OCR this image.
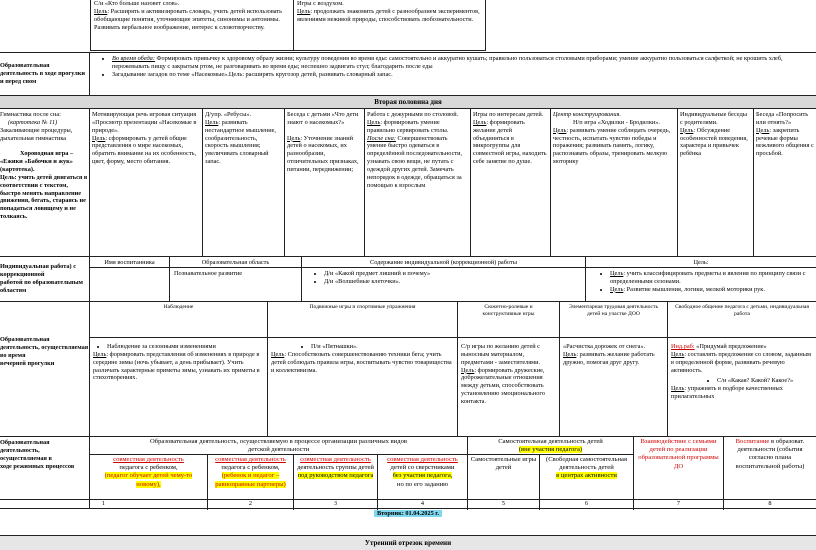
С/и «Кто больше назовет слов».
Цель: Расширять и активизировать словарь, учить детей использовать обобщающие понятия, уточняющие эпитеты, синонимы и антонимы. Развивать вербальное воображение, интерес к словотворчеству.
Игры с воздухом.
Цель: продолжать знакомить детей с разнообразием экспериментов, явлениями неживой природы, способствовать любознательности.
Образовательная деятельность в ходе прогулки и перед сном
• Во время обеда: Формировать привычку к здоровому образу жизни; культуру поведения во время еды: самостоятельно и аккуратно кушать; правильно пользоваться столовыми приборами; умение аккуратно пользоваться салфеткой; не крошить хлеб, пережевывать пищу с закрытым ртом, не разговаривать во время еды; неспешно задвигать стул; благодарить после еды
• Загадывание загадок по теме «Насекомые».Цель: расширять кругозор детей, развивать словарный запас.
Вторая половина дня
Гимнастика после сна:
(картотека № 11)
Закаливающие процедуры,
дыхательная гимнастика

Хороводная игра –
«Ежики «Бабочки и жук»
(картотека).
Цель: учить детей двигаться в соответствии с текстом, быстро менять направление движения, бегать, стараясь не попадаться ловящему и не толкаясь.
Мотивирующая речь игровая ситуация «Просмотр презентации «Насекомые в природе».
Цель: сформировать у детей общие представления о мире насекомых, обратить внимание на их особенность, цвет, форму, место обитания.
Д/упр. «Ребусы».
Цель: развивать нестандартное мышление, сообразительность, скорость мышления; увеличивать словарный запас.
Беседа с детьми «Что дети знают о насекомых?»

Цель: Уточнение знаний детей о насекомых, их разнообразии, отличительных признаках, питании, передвижении;
Работа с дежурными по столовой.
Цель: формировать умение правильно сервировать столы.
После сна: Совершенствовать умение быстро одеваться в определённой последовательности, узнавать свою вещи, не путать с одеждой других детей. Замечать непорядок в одежде, обращаться за помощью к взрослым
Игры по интересам детей.
Цель: формировать желание детей объединяться в микрогруппы для совместной игры, находить себе занятие по душе.
Центр конструирования.
Н/п игра «Ходилки - Бродилки».
Цель: развивать умение соблюдать очередь, честность, испытать чувство победы и поражения; развивать память, логику, распознавать образы, тренировать мелкую моторику
Индивидуальные беседы с родителями.
Цель: Обсуждение особенностей поведения, характера и привычек ребёнка
Беседа «Попросить или отнять?»
Цель: закрепить речевые формы вежливого общения с просьбой.
Индивидуальная работа) с коррекционной
работой по образовательным
областям
Имя воспитанника	Образовательная область	Содержание индивидуальной (коррекционной) работы	Цель:
Познавательное развитие
•	Д/и «Какой предмет лишний и почему»
• Д/и «Волшебные клеточки».
• Цель: учить классифицировать предметы и явления по принципу связи с определенными сезонами.
• Цель: Развитие мышления, логики, мелкой моторики рук.
Образовательная деятельность, осуществляемая во время
вечерней прогулки
Наблюдение	Подвижные игры и спортивные упражнения	Сюжетно-ролевые и конструктивные игры
Элементарная трудовая деятельность детей на участке ДОО
Свободное общение педагога с детьми, индивидуальная работа
• Наблюдение за сезонными изменениями
Цель: формировать представления об изменениях в природе в середине зимы (ночь убывает, а день прибывает). Учить различать характерные приметы зимы, узнавать их приметы в стихотворениях.
• П/и «Пятнашки».
Цель: Способствовать совершенствованию техники бега; учить детей соблюдать правила игры, воспитывать чувство товарищества и коллективизма.
С/р игры по желанию детей с выносным материалом, предметами - заместителями.
Цель: формировать дружеские, доброжелательные отношения между детьми, способствовать установлению эмоционального контакта.
«Расчистка дорожек от снега».
Цель: развивать желание работать дружно, помогая друг другу.
Инд.раб: «Придумай предложение»
Цель: составлять предложение со словом, заданным в определенной форме, развивать речевую активность.

• С/и «Какая? Какой? Какое?»
Цель: упражнять в подборе качественных прилагательных
Образовательная деятельность,
осуществляемая в
ходе режимных процессов
Образовательная деятельность, осуществляемую в процессе организации различных видов детской деятельности
Самостоятельная деятельность детей
(вне участия педагога)
Взаимодействие с семьями детей по реализации образовательной программы ДО
Воспитание в образоват. деятельности (события согласно плана воспитательной работы)
совместная деятельность
педагога с ребенком,
(педагог обучает детей чему-то новому),
совместная деятельность
педагога с ребенком,
(ребенок и педагог – равноправные партнеры)
совместная деятельность
деятельность группы детей
под руководством педагога
совместная деятельность
детей со сверстниками
без участия педагога,
но по его заданию
Самостоятельные игры детей
(Свободная самостоятельная деятельность детей
в центрах активности
1	2	3	4	5	6	7	8
Вторник: 01.04.2025 г.
Утренний отрезок времени
